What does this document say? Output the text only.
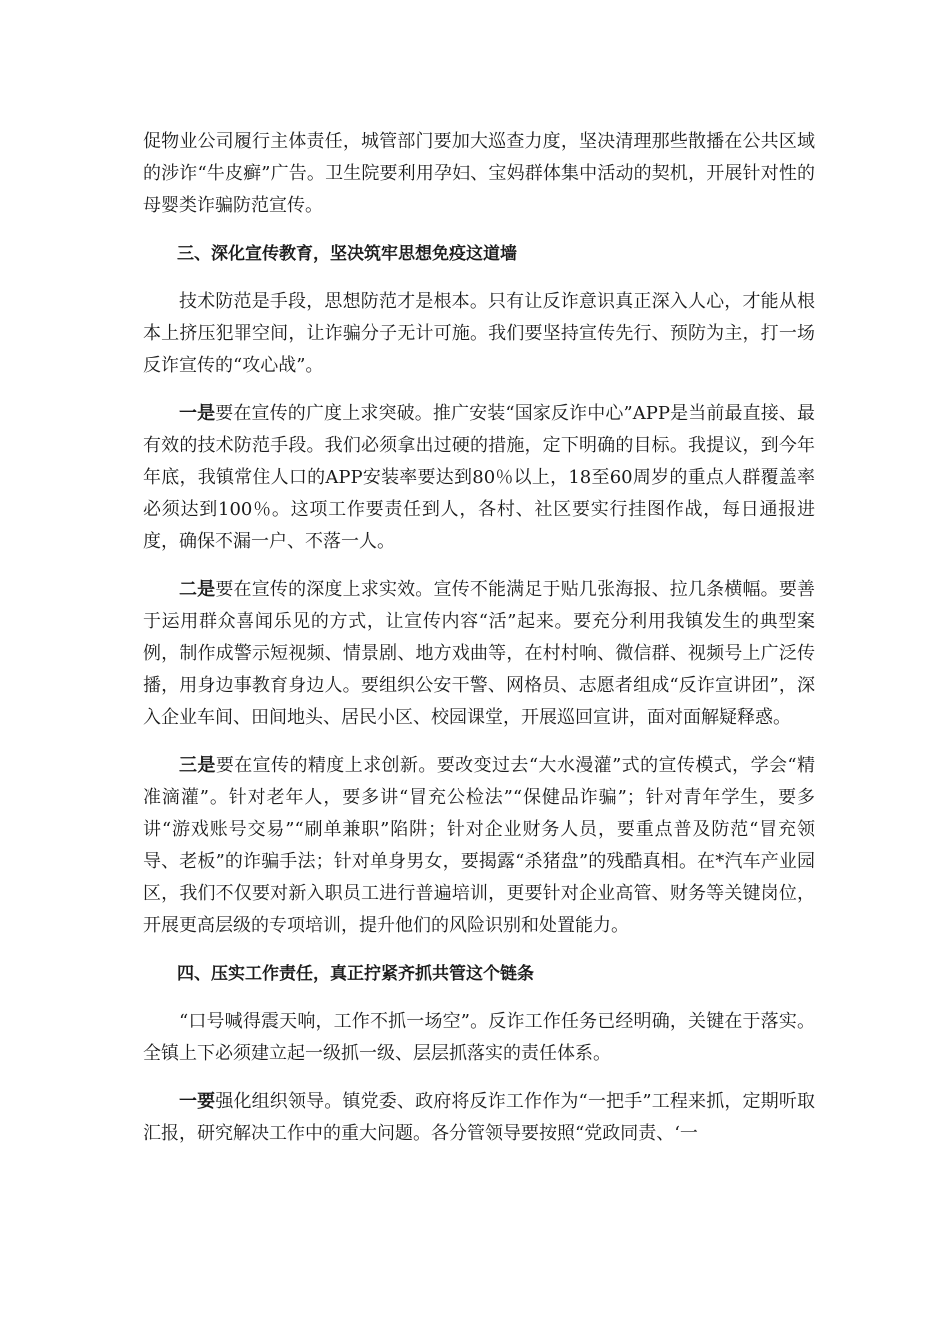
促物业公司履行主体责任，城管部门要加大巡查力度，坚决清理那些散播在公共区域的涉诈“牛皮癣”广告。卫生院要利用孕妇、宝妈群体集中活动的契机，开展针对性的母婴类诈骗防范宣传。

三、深化宣传教育，坚决筑牢思想免疫这道墙

技术防范是手段，思想防范才是根本。只有让反诈意识真正深入人心，才能从根本上挤压犯罪空间，让诈骗分子无计可施。我们要坚持宣传先行、预防为主，打一场反诈宣传的“攻心战”。

一是要在宣传的广度上求突破。推广安装“国家反诈中心”APP是当前最直接、最有效的技术防范手段。我们必须拿出过硬的措施，定下明确的目标。我提议，到今年年底，我镇常住人口的APP安装率要达到80％以上，18至60周岁的重点人群覆盖率必须达到100％。这项工作要责任到人，各村、社区要实行挂图作战，每日通报进度，确保不漏一户、不落一人。

二是要在宣传的深度上求实效。宣传不能满足于贴几张海报、拉几条横幅。要善于运用群众喜闻乐见的方式，让宣传内容“活”起来。要充分利用我镇发生的典型案例，制作成警示短视频、情景剧、地方戏曲等，在村村响、微信群、视频号上广泛传播，用身边事教育身边人。要组织公安干警、网格员、志愿者组成“反诈宣讲团”，深入企业车间、田间地头、居民小区、校园课堂，开展巡回宣讲，面对面解疑释惑。

三是要在宣传的精度上求创新。要改变过去“大水漫灌”式的宣传模式，学会“精准滴灌”。针对老年人，要多讲“冒充公检法”“保健品诈骗”；针对青年学生，要多讲“游戏账号交易”“刷单兼职”陷阱；针对企业财务人员，要重点普及防范“冒充领导、老板”的诈骗手法；针对单身男女，要揭露“杀猪盘”的残酷真相。在*汽车产业园区，我们不仅要对新入职员工进行普遍培训，更要针对企业高管、财务等关键岗位，开展更高层级的专项培训，提升他们的风险识别和处置能力。

四、压实工作责任，真正拧紧齐抓共管这个链条

“口号喊得震天响，工作不抓一场空”。反诈工作任务已经明确，关键在于落实。全镇上下必须建立起一级抓一级、层层抓落实的责任体系。

一要强化组织领导。镇党委、政府将反诈工作作为“一把手”工程来抓，定期听取汇报，研究解决工作中的重大问题。各分管领导要按照“党政同责、‘一
